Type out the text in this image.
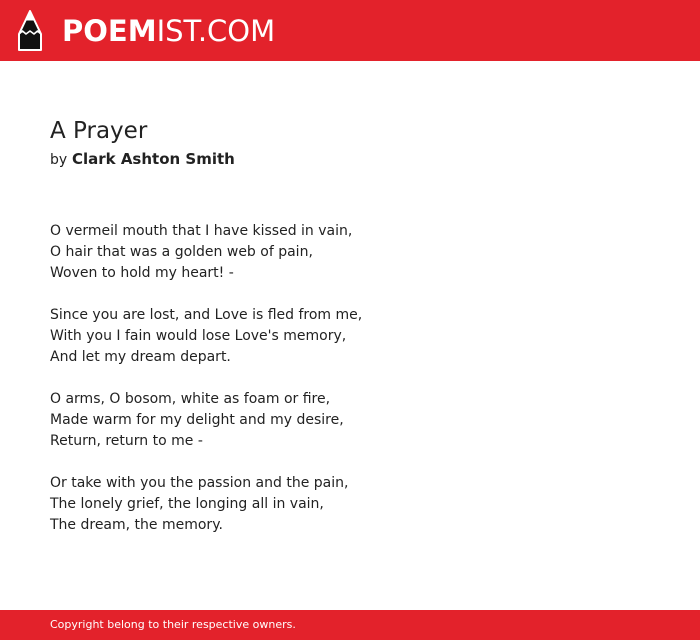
POEMIST.COM
A Prayer
by Clark Ashton Smith
O vermeil mouth that I have kissed in vain,
O hair that was a golden web of pain,
Woven to hold my heart! -
Since you are lost, and Love is fled from me,
With you I fain would lose Love's memory,
And let my dream depart.
O arms, O bosom, white as foam or fire,
Made warm for my delight and my desire,
Return, return to me -
Or take with you the passion and the pain,
The lonely grief, the longing all in vain,
The dream, the memory.
Copyright belong to their respective owners.
